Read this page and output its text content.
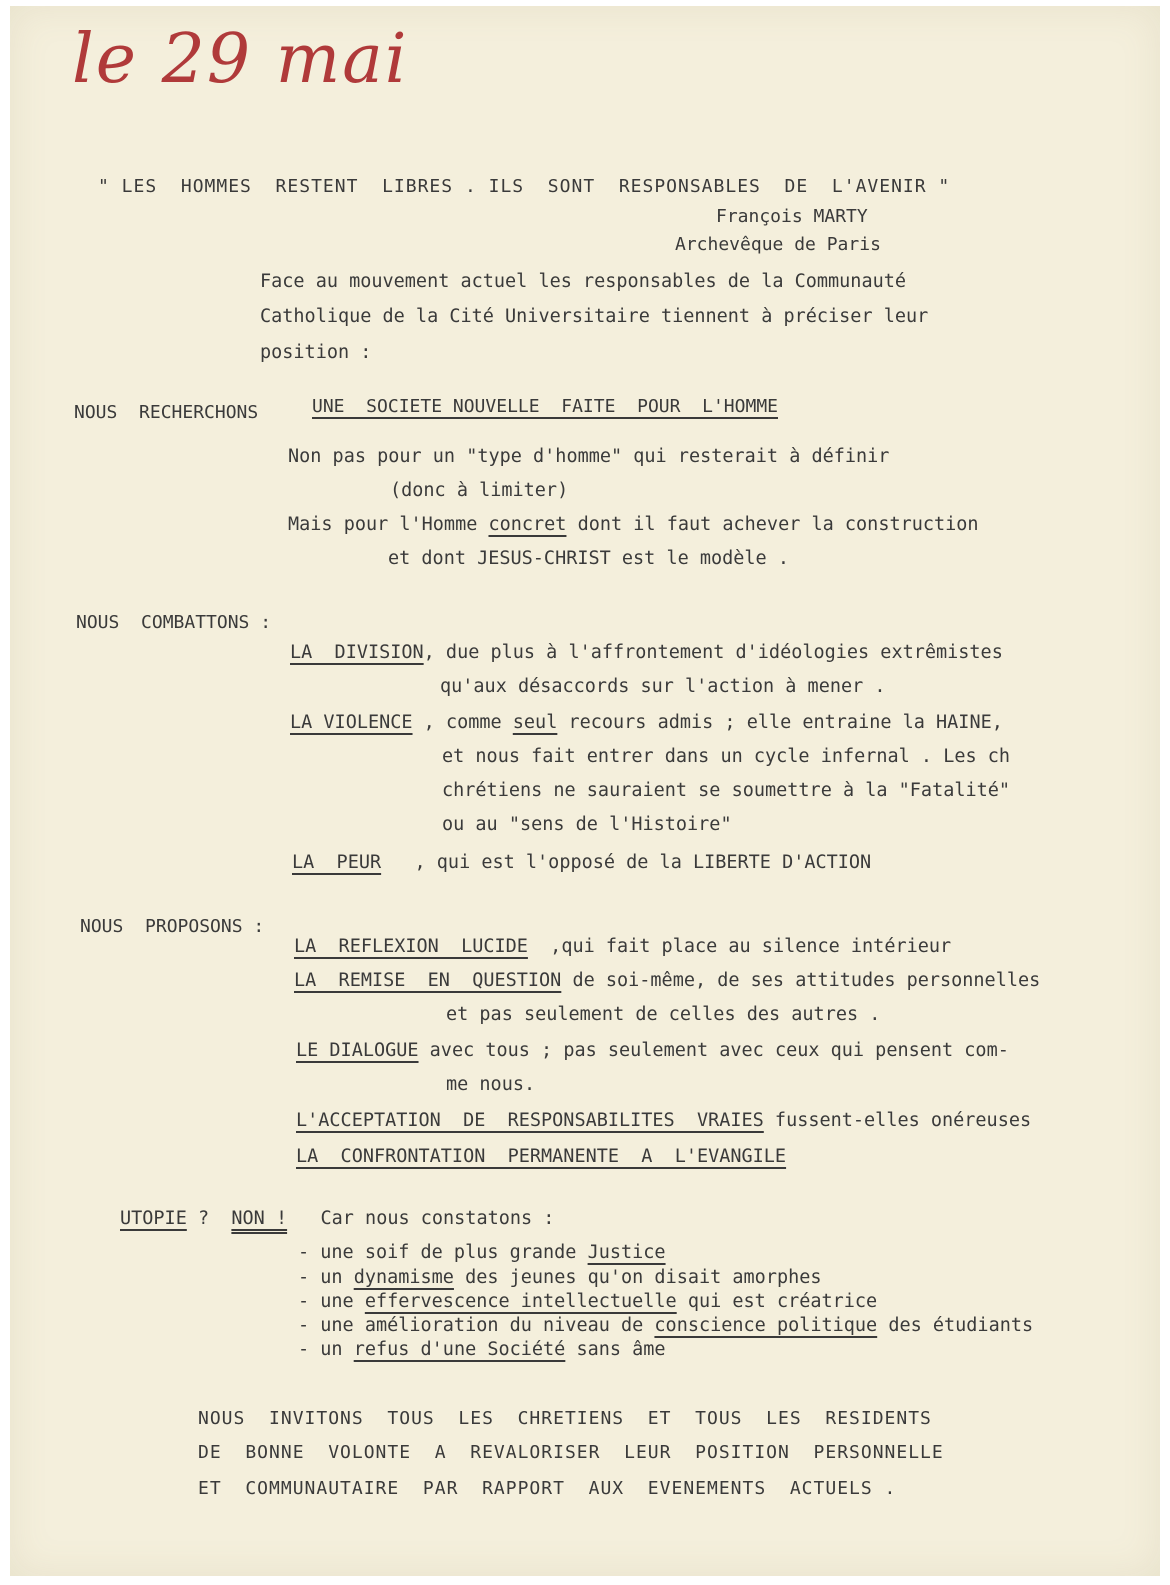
le 29 mai
" LES  HOMMES  RESTENT  LIBRES . ILS  SONT  RESPONSABLES  DE  L'AVENIR "
François MARTY
Archevêque de Paris
Face au mouvement actuel les responsables de la Communauté
Catholique de la Cité Universitaire tiennent à préciser leur
position :
NOUS  RECHERCHONS	UNE  SOCIETE NOUVELLE  FAITE  POUR  L'HOMME
Non pas pour un "type d'homme" qui resterait à définir
(donc à limiter)
Mais pour l'Homme concret dont il faut achever la construction
et dont JESUS-CHRIST est le modèle .
NOUS  COMBATTONS :
LA  DIVISION, due plus à l'affrontement d'idéologies extrêmistes
qu'aux désaccords sur l'action à mener .
LA VIOLENCE , comme seul recours admis ; elle entraine la HAINE,
et nous fait entrer dans un cycle infernal . Les ch
chrétiens ne sauraient se soumettre à la "Fatalité"
ou au "sens de l'Histoire"
LA  PEUR   , qui est l'opposé de la LIBERTE D'ACTION
NOUS  PROPOSONS :
LA  REFLEXION  LUCIDE  ,qui fait place au silence intérieur
LA  REMISE  EN  QUESTION de soi-même, de ses attitudes personnelles
et pas seulement de celles des autres .
LE DIALOGUE avec tous ; pas seulement avec ceux qui pensent com-
me nous.
L'ACCEPTATION  DE  RESPONSABILITES  VRAIES fussent-elles onéreuses
LA  CONFRONTATION  PERMANENTE  A  L'EVANGILE
UTOPIE ?  NON !   Car nous constatons :
- une soif de plus grande Justice
- un dynamisme des jeunes qu'on disait amorphes
- une effervescence intellectuelle qui est créatrice
- une amélioration du niveau de conscience politique des étudiants
- un refus d'une Société sans âme
NOUS  INVITONS  TOUS  LES  CHRETIENS  ET  TOUS  LES  RESIDENTS
DE  BONNE  VOLONTE  A  REVALORISER  LEUR  POSITION  PERSONNELLE
ET  COMMUNAUTAIRE  PAR  RAPPORT  AUX  EVENEMENTS  ACTUELS .
